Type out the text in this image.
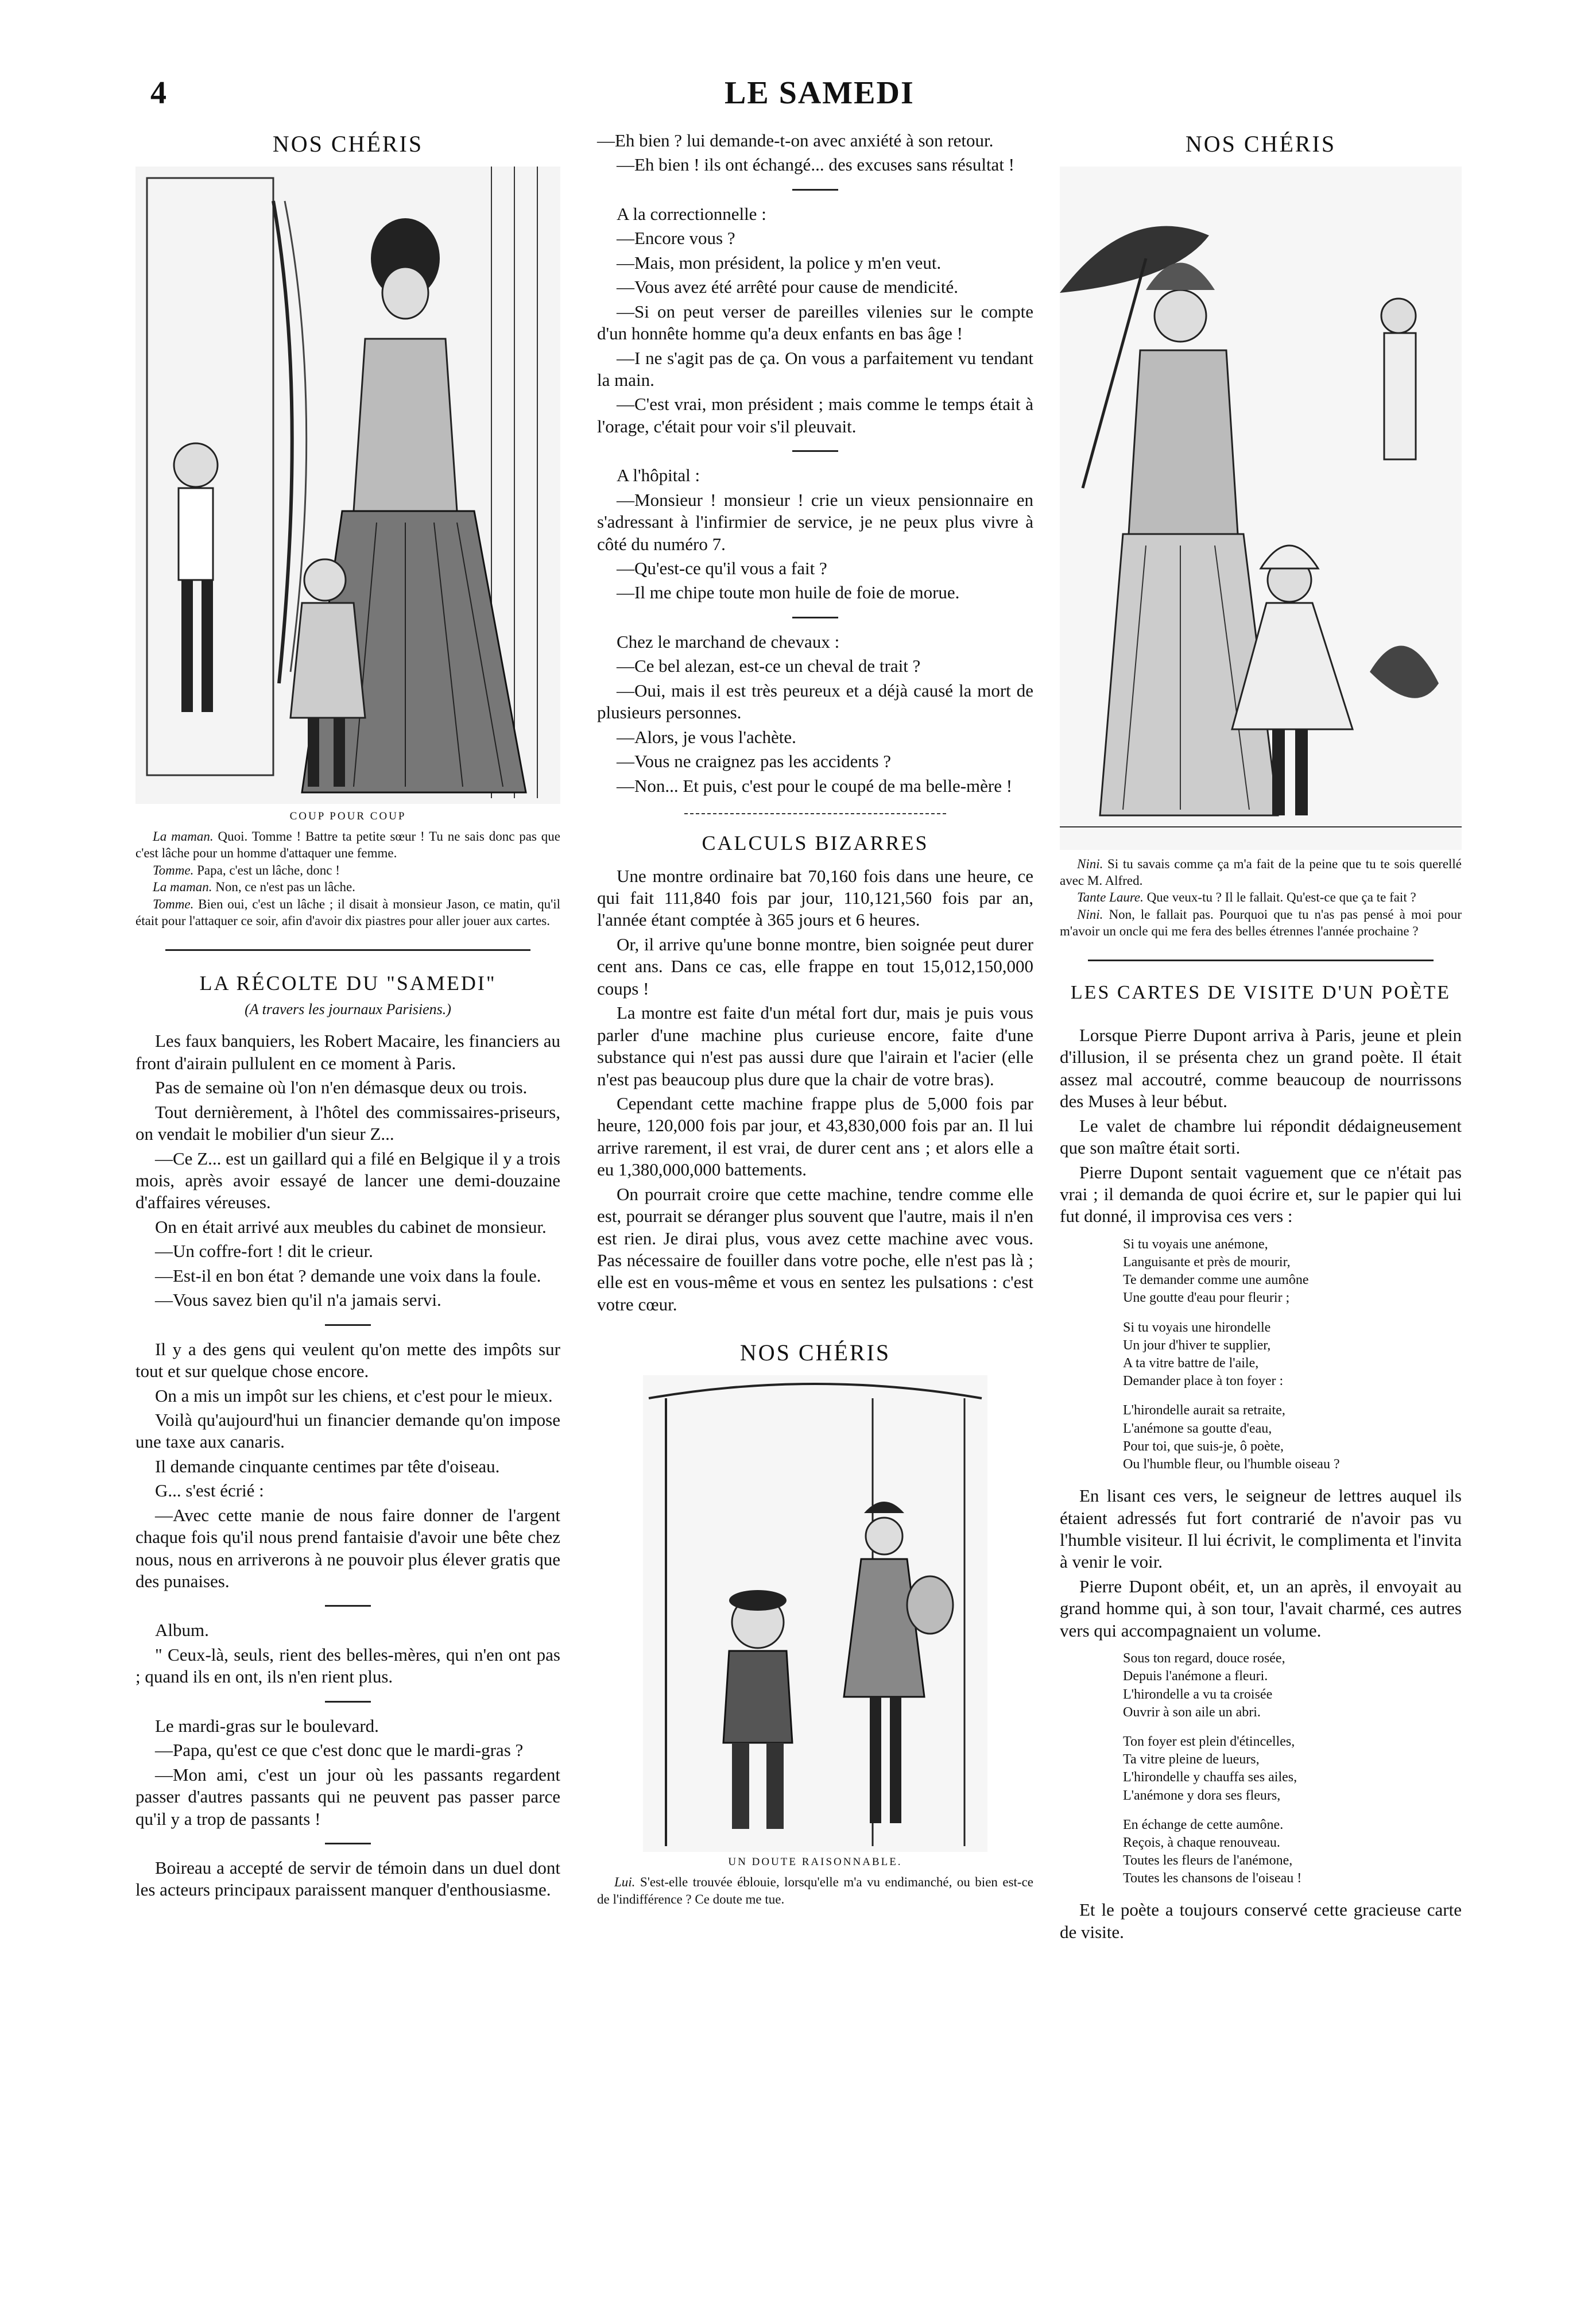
4	LE SAMEDI
NOS CHÉRIS
COUP POUR COUP

La maman. Quoi. Tomme ! Battre ta petite sœur ! Tu ne sais donc pas que c'est lâche pour un homme d'attaquer une femme.

Tomme. Papa, c'est un lâche, donc !

La maman. Non, ce n'est pas un lâche.

Tomme. Bien oui, c'est un lâche ; il disait à monsieur Jason, ce matin, qu'il était pour l'attaquer ce soir, afin d'avoir dix piastres pour aller jouer aux cartes.

LA RÉCOLTE DU "SAMEDI"
(A travers les journaux Parisiens.)

Les faux banquiers, les Robert Macaire, les financiers au front d'airain pullulent en ce moment à Paris.

Pas de semaine où l'on n'en démasque deux ou trois.

Tout dernièrement, à l'hôtel des commissaires-priseurs, on vendait le mobilier d'un sieur Z...

—Ce Z... est un gaillard qui a filé en Belgique il y a trois mois, après avoir essayé de lancer une demi-douzaine d'affaires véreuses.

On en était arrivé aux meubles du cabinet de monsieur.

—Un coffre-fort ! dit le crieur.

—Est-il en bon état ? demande une voix dans la foule.

—Vous savez bien qu'il n'a jamais servi.

Il y a des gens qui veulent qu'on mette des impôts sur tout et sur quelque chose encore.

On a mis un impôt sur les chiens, et c'est pour le mieux.

Voilà qu'aujourd'hui un financier demande qu'on impose une taxe aux canaris.

Il demande cinquante centimes par tête d'oiseau.

G... s'est écrié :

—Avec cette manie de nous faire donner de l'argent chaque fois qu'il nous prend fantaisie d'avoir une bête chez nous, nous en arriverons à ne pouvoir plus élever gratis que des punaises.

Album.

" Ceux-là, seuls, rient des belles-mères, qui n'en ont pas ; quand ils en ont, ils n'en rient plus.

Le mardi-gras sur le boulevard.

—Papa, qu'est ce que c'est donc que le mardi-gras ?

—Mon ami, c'est un jour où les passants regardent passer d'autres passants qui ne peuvent pas passer parce qu'il y a trop de passants !

Boireau a accepté de servir de témoin dans un duel dont les acteurs principaux paraissent manquer d'enthousiasme.

—Eh bien ? lui demande-t-on avec anxiété à son retour.

—Eh bien ! ils ont échangé... des excuses sans résultat !

A la correctionnelle :

—Encore vous ?

—Mais, mon président, la police y m'en veut.

—Vous avez été arrêté pour cause de mendicité.

—Si on peut verser de pareilles vilenies sur le compte d'un honnête homme qu'a deux enfants en bas âge !

—I ne s'agit pas de ça. On vous a parfaitement vu tendant la main.

—C'est vrai, mon président ; mais comme le temps était à l'orage, c'était pour voir s'il pleuvait.

A l'hôpital :

—Monsieur ! monsieur ! crie un vieux pensionnaire en s'adressant à l'infirmier de service, je ne peux plus vivre à côté du numéro 7.

—Qu'est-ce qu'il vous a fait ?

—Il me chipe toute mon huile de foie de morue.

Chez le marchand de chevaux :

—Ce bel alezan, est-ce un cheval de trait ?

—Oui, mais il est très peureux et a déjà causé la mort de plusieurs personnes.

—Alors, je vous l'achète.

—Vous ne craignez pas les accidents ?

—Non... Et puis, c'est pour le coupé de ma belle-mère !

CALCULS BIZARRES

Une montre ordinaire bat 70,160 fois dans une heure, ce qui fait 111,840 fois par jour, 110,121,560 fois par an, l'année étant comptée à 365 jours et 6 heures.

Or, il arrive qu'une bonne montre, bien soignée peut durer cent ans. Dans ce cas, elle frappe en tout 15,012,150,000 coups !

La montre est faite d'un métal fort dur, mais je puis vous parler d'une machine plus curieuse encore, faite d'une substance qui n'est pas aussi dure que l'airain et l'acier (elle n'est pas beaucoup plus dure que la chair de votre bras).

Cependant cette machine frappe plus de 5,000 fois par heure, 120,000 fois par jour, et 43,830,000 fois par an. Il lui arrive rarement, il est vrai, de durer cent ans ; et alors elle a eu 1,380,000,000 battements.

On pourrait croire que cette machine, tendre comme elle est, pourrait se déranger plus souvent que l'autre, mais il n'en est rien. Je dirai plus, vous avez cette machine avec vous. Pas nécessaire de fouiller dans votre poche, elle n'est pas là ; elle est en vous-même et vous en sentez les pulsations : c'est votre cœur.

NOS CHÉRIS
UN DOUTE RAISONNABLE.

Lui. S'est-elle trouvée éblouie, lorsqu'elle m'a vu endimanché, ou bien est-ce de l'indifférence ? Ce doute me tue.

NOS CHÉRIS

Nini. Si tu savais comme ça m'a fait de la peine que tu te sois querellé avec M. Alfred.

Tante Laure. Que veux-tu ? Il le fallait. Qu'est-ce que ça te fait ?

Nini. Non, le fallait pas. Pourquoi que tu n'as pas pensé à moi pour m'avoir un oncle qui me fera des belles étrennes l'année prochaine ?

LES CARTES DE VISITE D'UN POÈTE

Lorsque Pierre Dupont arriva à Paris, jeune et plein d'illusion, il se présenta chez un grand poète. Il était assez mal accoutré, comme beaucoup de nourrissons des Muses à leur bébut.

Le valet de chambre lui répondit dédaigneusement que son maître était sorti.

Pierre Dupont sentait vaguement que ce n'était pas vrai ; il demanda de quoi écrire et, sur le papier qui lui fut donné, il improvisa ces vers :

Si tu voyais une anémone,
Languisante et près de mourir,
Te demander comme une aumône
Une goutte d'eau pour fleurir ;
Si tu voyais une hirondelle
Un jour d'hiver te supplier,
A ta vitre battre de l'aile,
Demander place à ton foyer :
L'hirondelle aurait sa retraite,
L'anémone sa goutte d'eau,
Pour toi, que suis-je, ô poète,
Ou l'humble fleur, ou l'humble oiseau ?

En lisant ces vers, le seigneur de lettres auquel ils étaient adressés fut fort contrarié de n'avoir pas vu l'humble visiteur. Il lui écrivit, le complimenta et l'invita à venir le voir.

Pierre Dupont obéit, et, un an après, il envoyait au grand homme qui, à son tour, l'avait charmé, ces autres vers qui accompagnaient un volume.

Sous ton regard, douce rosée,
Depuis l'anémone a fleuri.
L'hirondelle a vu ta croisée
Ouvrir à son aile un abri.
Ton foyer est plein d'étincelles,
Ta vitre pleine de lueurs,
L'hirondelle y chauffa ses ailes,
L'anémone y dora ses fleurs,
En échange de cette aumône.
Reçois, à chaque renouveau.
Toutes les fleurs de l'anémone,
Toutes les chansons de l'oiseau !

Et le poète a toujours conservé cette gracieuse carte de visite.
